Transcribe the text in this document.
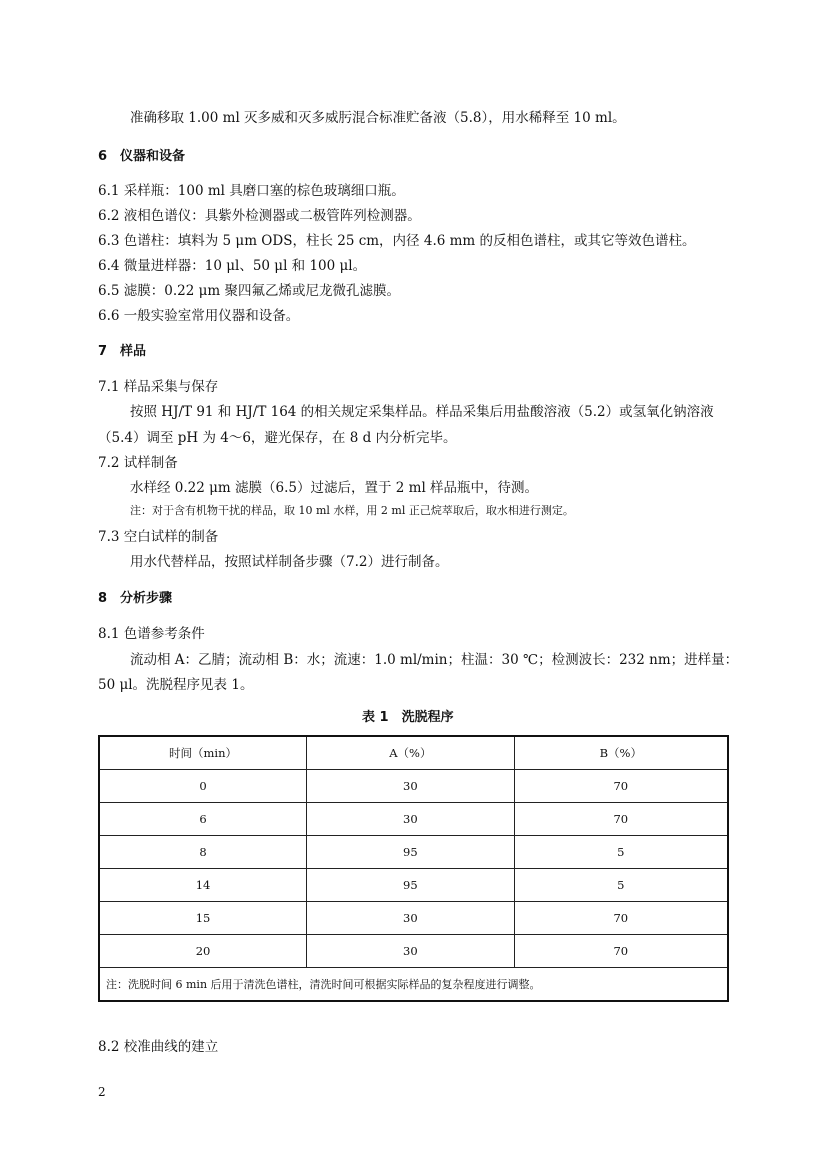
准确移取 1.00 ml 灭多威和灭多威肟混合标准贮备液（5.8），用水稀释至 10 ml。
6　仪器和设备
6.1 采样瓶：100 ml 具磨口塞的棕色玻璃细口瓶。
6.2 液相色谱仪：具紫外检测器或二极管阵列检测器。
6.3 色谱柱：填料为 5 μm ODS，柱长 25 cm，内径 4.6 mm 的反相色谱柱，或其它等效色谱柱。
6.4 微量进样器：10 μl、50 μl 和 100 μl。
6.5 滤膜：0.22 μm 聚四氟乙烯或尼龙微孔滤膜。
6.6 一般实验室常用仪器和设备。
7　样品
7.1 样品采集与保存
按照 HJ/T 91 和 HJ/T 164 的相关规定采集样品。样品采集后用盐酸溶液（5.2）或氢氧化钠溶液
（5.4）调至 pH 为 4～6，避光保存，在 8 d 内分析完毕。
7.2 试样制备
水样经 0.22 μm 滤膜（6.5）过滤后，置于 2 ml 样品瓶中，待测。
注：对于含有机物干扰的样品，取 10 ml 水样，用 2 ml 正己烷萃取后，取水相进行测定。
7.3 空白试样的制备
用水代替样品，按照试样制备步骤（7.2）进行制备。
8　分析步骤
8.1 色谱参考条件
流动相 A：乙腈；流动相 B：水；流速：1.0 ml/min；柱温：30 ℃；检测波长：232 nm；进样量：
50 μl。洗脱程序见表 1。
表 1　洗脱程序
时间（min）	A（%）	B（%）
0	30	70
6	30	70
8	95	5
14	95	5
15	30	70
20	30	70
注：洗脱时间 6 min 后用于清洗色谱柱，清洗时间可根据实际样品的复杂程度进行调整。		
8.2 校准曲线的建立
2
